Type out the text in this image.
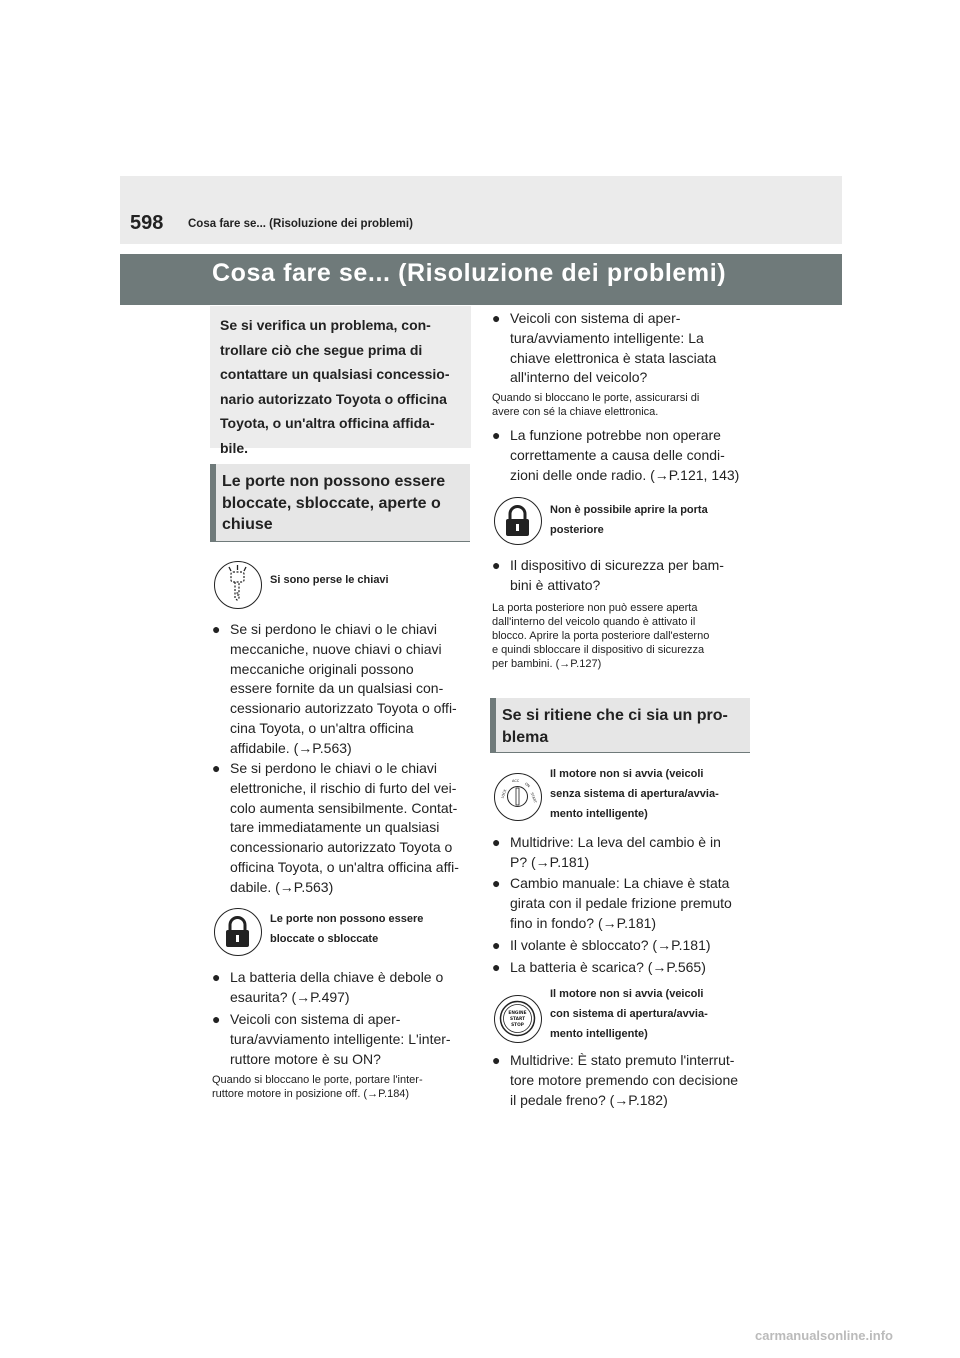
598 Cosa fare se... (Risoluzione dei problemi)
Cosa fare se... (Risoluzione dei problemi)
Se si verifica un problema, con-
trollare ciò che segue prima di
contattare un qualsiasi concessio-
nario autorizzato Toyota o officina
Toyota, o un'altra officina affida-
bile.
Le porte non possono essere
bloccate, sbloccate, aperte o
chiuse
Si sono perse le chiavi
● Se si perdono le chiavi o le chiavi
meccaniche, nuove chiavi o chiavi
meccaniche originali possono
essere fornite da un qualsiasi con-
cessionario autorizzato Toyota o offi-
cina Toyota, o un'altra officina
affidabile. (→P.563)
● Se si perdono le chiavi o le chiavi
elettroniche, il rischio di furto del vei-
colo aumenta sensibilmente. Contat-
tare immediatamente un qualsiasi
concessionario autorizzato Toyota o
officina Toyota, o un'altra officina affi-
dabile. (→P.563)
Le porte non possono essere
bloccate o sbloccate
● La batteria della chiave è debole o
esaurita? (→P.497)
● Veicoli con sistema di aper-
tura/avviamento intelligente: L'inter-
ruttore motore è su ON?
Quando si bloccano le porte, portare l'inter-
ruttore motore in posizione off. (→P.184)
● Veicoli con sistema di aper-
tura/avviamento intelligente: La
chiave elettronica è stata lasciata
all'interno del veicolo?
Quando si bloccano le porte, assicurarsi di
avere con sé la chiave elettronica.
● La funzione potrebbe non operare
correttamente a causa delle condi-
zioni delle onde radio. (→P.121, 143)
Non è possibile aprire la porta
posteriore
● Il dispositivo di sicurezza per bam-
bini è attivato?
La porta posteriore non può essere aperta
dall'interno del veicolo quando è attivato il
blocco. Aprire la porta posteriore dall'esterno
e quindi sbloccare il dispositivo di sicurezza
per bambini. (→P.127)
Se si ritiene che ci sia un pro-
blema
LOCK
ACC
ON
START
Il motore non si avvia (veicoli
senza sistema di apertura/avvia-
mento intelligente)
● Multidrive: La leva del cambio è in
P? (→P.181)
● Cambio manuale: La chiave è stata
girata con il pedale frizione premuto
fino in fondo? (→P.181)
● Il volante è sbloccato? (→P.181)
● La batteria è scarica? (→P.565)
ENGINE
START
STOP
Il motore non si avvia (veicoli
con sistema di apertura/avvia-
mento intelligente)
● Multidrive: È stato premuto l'interrut-
tore motore premendo con decisione
il pedale freno? (→P.182)
carmanualsonline.info
